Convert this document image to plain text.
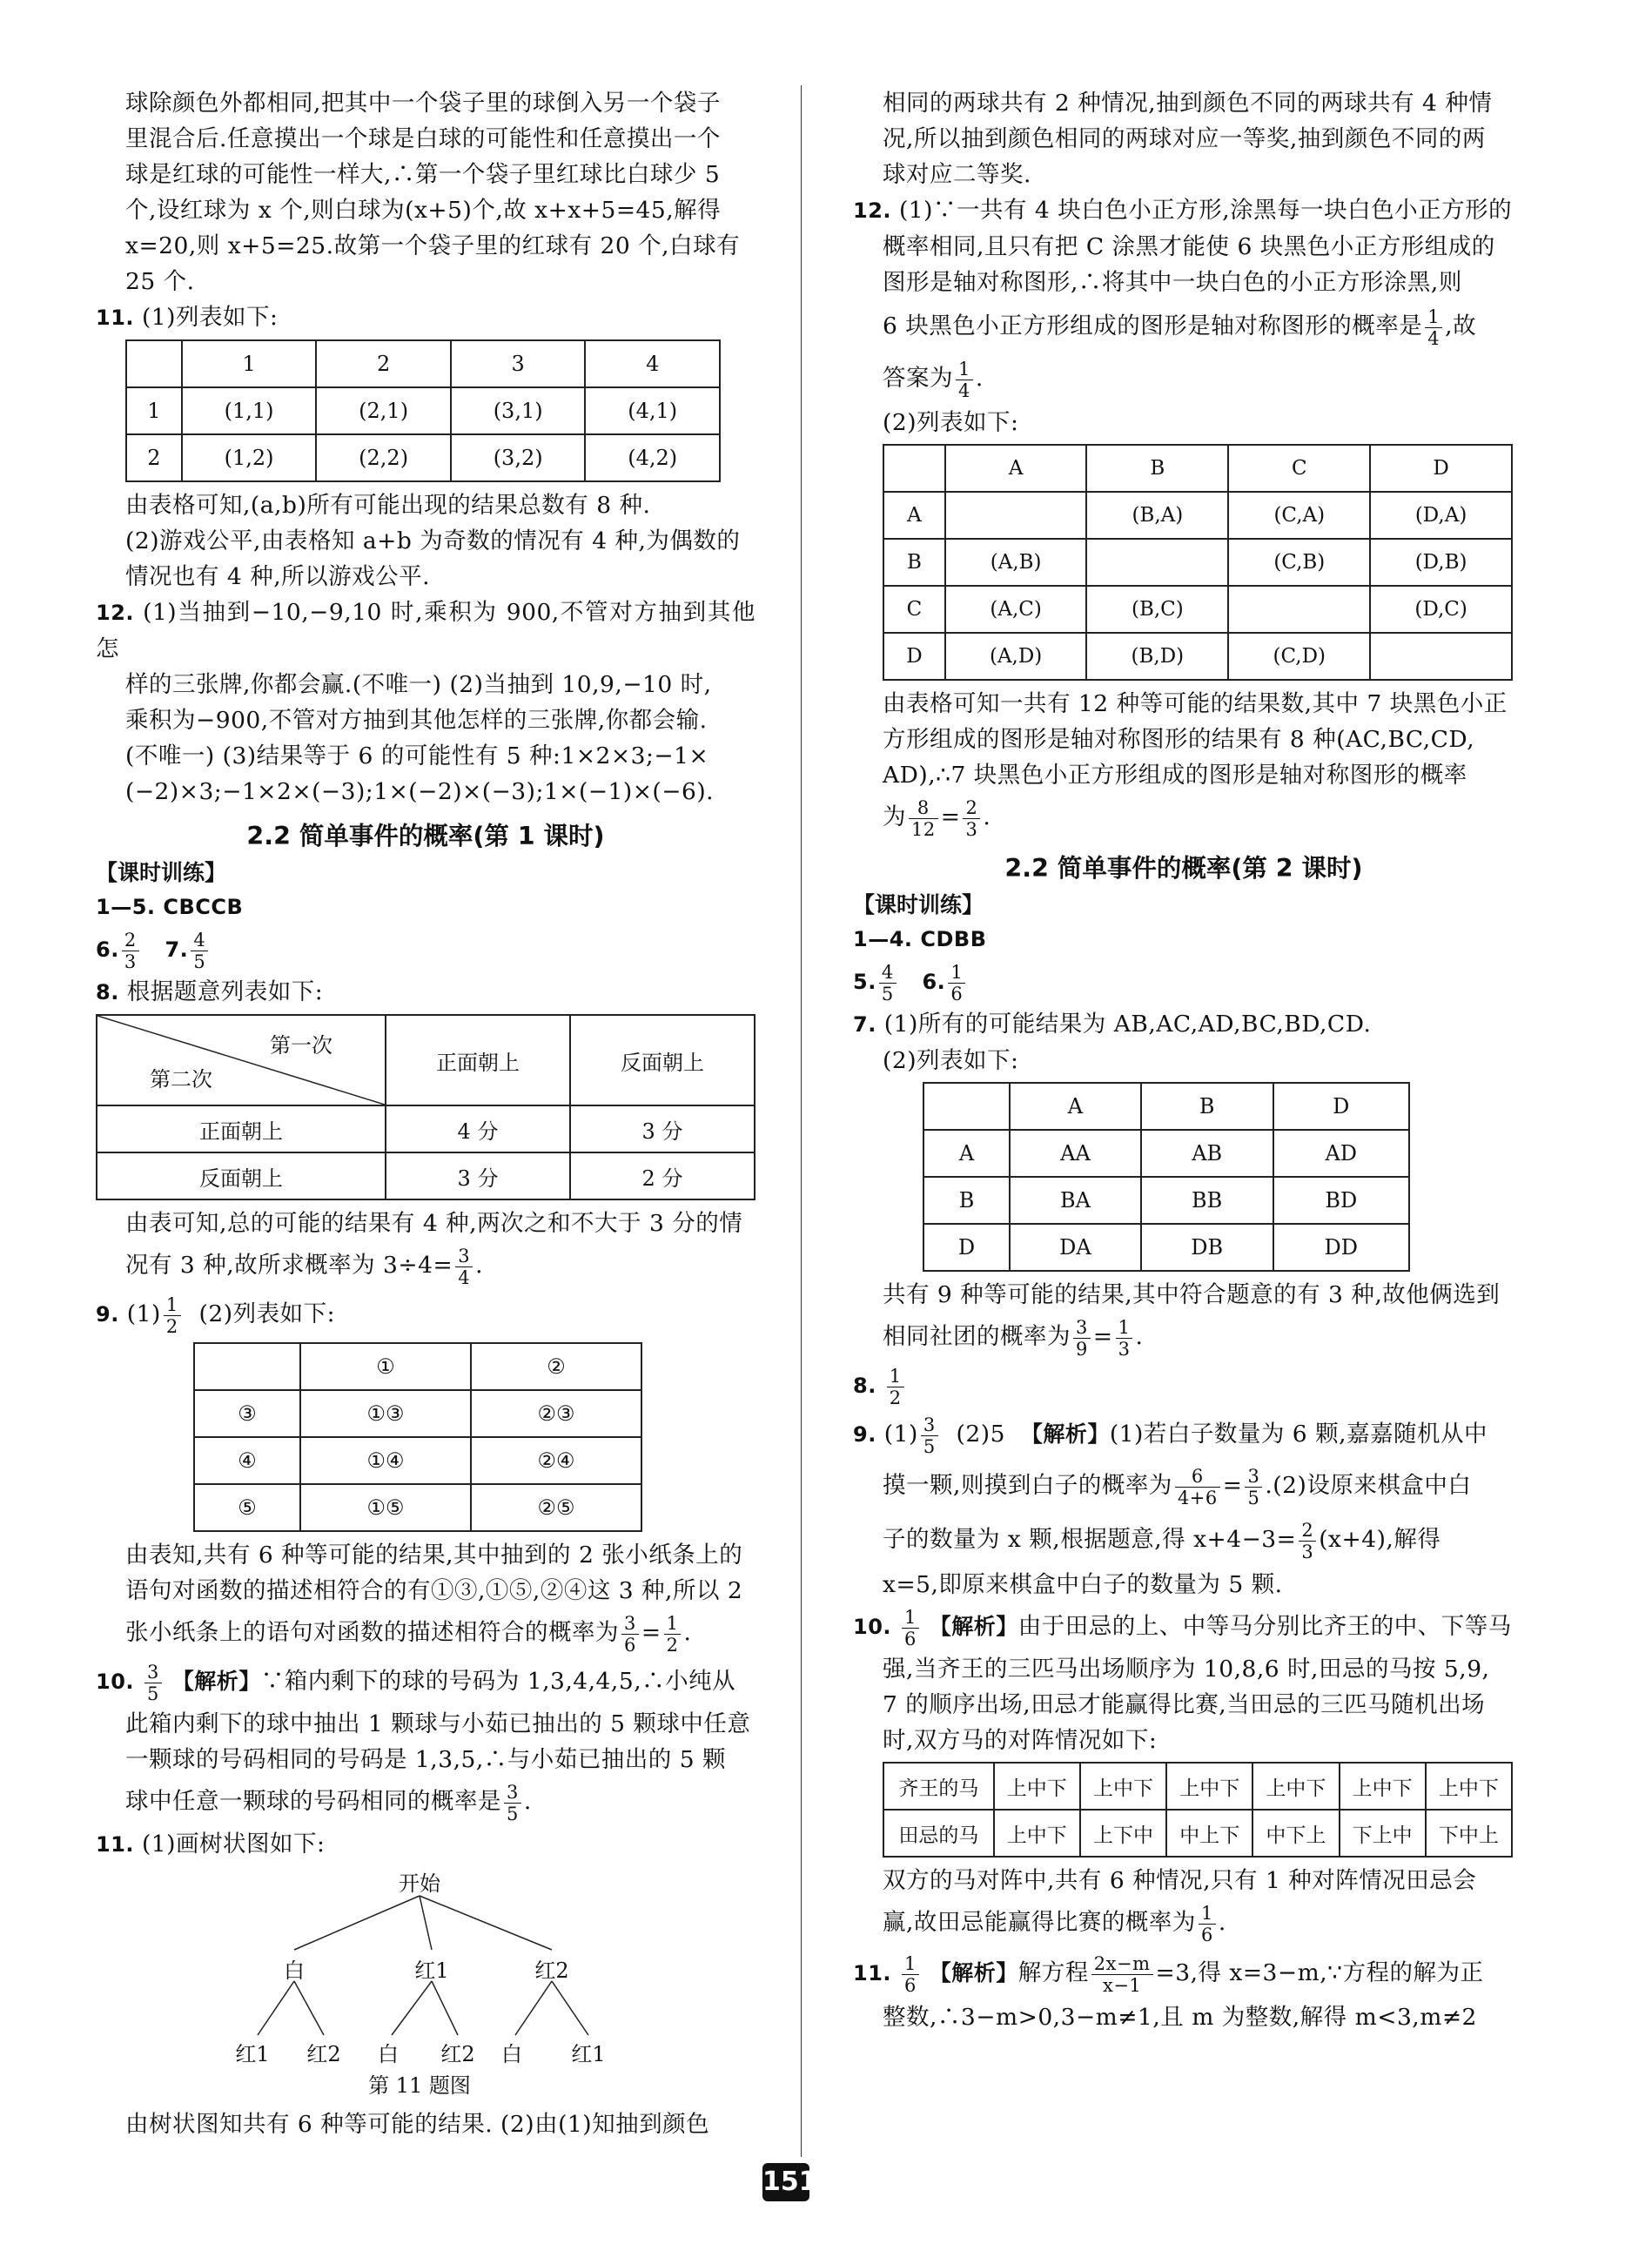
球除颜色外都相同,把其中一个袋子里的球倒入另一个袋子

里混合后.任意摸出一个球是白球的可能性和任意摸出一个

球是红球的可能性一样大,∴第一个袋子里红球比白球少 5

个,设红球为 x 个,则白球为(x+5)个,故 x+x+5=45,解得

x=20,则 x+5=25.故第一个袋子里的红球有 20 个,白球有

25 个.

11. (1)列表如下:

	1	2	3	4
1	(1,1)	(2,1)	(3,1)	(4,1)
2	(1,2)	(2,2)	(3,2)	(4,2)

由表格可知,(a,b)所有可能出现的结果总数有 8 种.

(2)游戏公平,由表格知 a+b 为奇数的情况有 4 种,为偶数的

情况也有 4 种,所以游戏公平.

12. (1)当抽到−10,−9,10 时,乘积为 900,不管对方抽到其他怎

样的三张牌,你都会赢.(不唯一) (2)当抽到 10,9,−10 时,

乘积为−900,不管对方抽到其他怎样的三张牌,你都会输.

(不唯一) (3)结果等于 6 的可能性有 5 种:1×2×3;−1×

(−2)×3;−1×2×(−3);1×(−2)×(−3);1×(−1)×(−6).

2.2 简单事件的概率(第 1 课时)
【课时训练】

1—5. CBCCB

6. $\frac{2}{3} 7$. $\frac{4}{5}$

8. 根据题意列表如下:

第一次
第二次	正面朝上	反面朝上
正面朝上	4 分	3 分
反面朝上	3 分	2 分

由表可知,总的可能的结果有 4 种,两次之和不大于 3 分的情

况有 3 种,故所求概率为 $3\div 4= \frac{3}{4}$ .

9. $(1) \frac{1}{2} (2)$列表如下:

	①	②
③	①③	②③
④	①④	②④
⑤	①⑤	②⑤

由表知,共有 6 种等可能的结果,其中抽到的 2 张小纸条上的

语句对函数的描述相符合的有①③,①⑤,②④这 3 种,所以 2

张小纸条上的语句对函数的描述相符合的概率为 $\frac{3}{6} = \frac{1}{2}$ .

10. $\frac{3}{5}$ 【解析】∵箱内剩下的球的号码为 1,3,4,4,5,∴小纯从

此箱内剩下的球中抽出 1 颗球与小茹已抽出的 5 颗球中任意

一颗球的号码相同的号码是 1,3,5,∴与小茹已抽出的 5 颗

球中任意一颗球的号码相同的概率是 $\frac{3}{5}$ .

11. (1)画树状图如下:

开始
白	红1	红2
红1 红2 白 红2 白 红1
第 11 题图

由树状图知共有 6 种等可能的结果. (2)由(1)知抽到颜色

相同的两球共有 2 种情况,抽到颜色不同的两球共有 4 种情

况,所以抽到颜色相同的两球对应一等奖,抽到颜色不同的两

球对应二等奖.

12. (1)∵一共有 4 块白色小正方形,涂黑每一块白色小正方形的

概率相同,且只有把 C 涂黑才能使 6 块黑色小正方形组成的

图形是轴对称图形,∴将其中一块白色的小正方形涂黑,则

6 块黑色小正方形组成的图形是轴对称图形的概率是 $\frac{1}{4}$ ,故

答案为 $\frac{1}{4}$ .

(2)列表如下:

	A	B	C	D
A		(B,A)	(C,A)	(D,A)
B	(A,B)		(C,B)	(D,B)
C	(A,C)	(B,C)		(D,C)
D	(A,D)	(B,D)	(C,D)	

由表格可知一共有 12 种等可能的结果数,其中 7 块黑色小正

方形组成的图形是轴对称图形的结果有 8 种(AC,BC,CD,

AD),∴7 块黑色小正方形组成的图形是轴对称图形的概率

为 $\frac{8}{12} = \frac{2}{3}$ .

2.2 简单事件的概率(第 2 课时)
【课时训练】

1—4. CDBB

5. $\frac{4}{5} 6$. $\frac{1}{6}$

7. (1)所有的可能结果为 AB,AC,AD,BC,BD,CD.

(2)列表如下:

	A	B	D
A	AA	AB	AD
B	BA	BB	BD
D	DA	DB	DD

共有 9 种等可能的结果,其中符合题意的有 3 种,故他俩选到

相同社团的概率为 $\frac{3}{9} = \frac{1}{3}$ .

8. $\frac{1}{2}$

9. $(1) \frac{3}{5} (2)5$ 【解析】(1)若白子数量为 6 颗,嘉嘉随机从中

摸一颗,则摸到白子的概率为 $\frac{6}{4+6} = \frac{3}{5} .(2)$设原来棋盒中白

子的数量为 x 颗,根据题意,得 $x+4-3= \frac{2}{3} (x+4)$,解得

x=5,即原来棋盒中白子的数量为 5 颗.

10. $\frac{1}{6}$ 【解析】由于田忌的上、中等马分别比齐王的中、下等马

强,当齐王的三匹马出场顺序为 10,8,6 时,田忌的马按 5,9,

7 的顺序出场,田忌才能赢得比赛,当田忌的三匹马随机出场

时,双方马的对阵情况如下:

齐王的马	上中下	上中下	上中下	上中下	上中下	上中下
田忌的马	上中下	上下中	中上下	中下上	下上中	下中上

双方的马对阵中,共有 6 种情况,只有 1 种对阵情况田忌会

赢,故田忌能赢得比赛的概率为 $\frac{1}{6}$ .

11. $\frac{1}{6}$ 【解析】解方程 $\frac{2x-m}{x-1} =3$,得 x=3−m,∵方程的解为正

整数,∴3−m>0,3−m≠1,且 m 为整数,解得 m<3,m≠2

151
